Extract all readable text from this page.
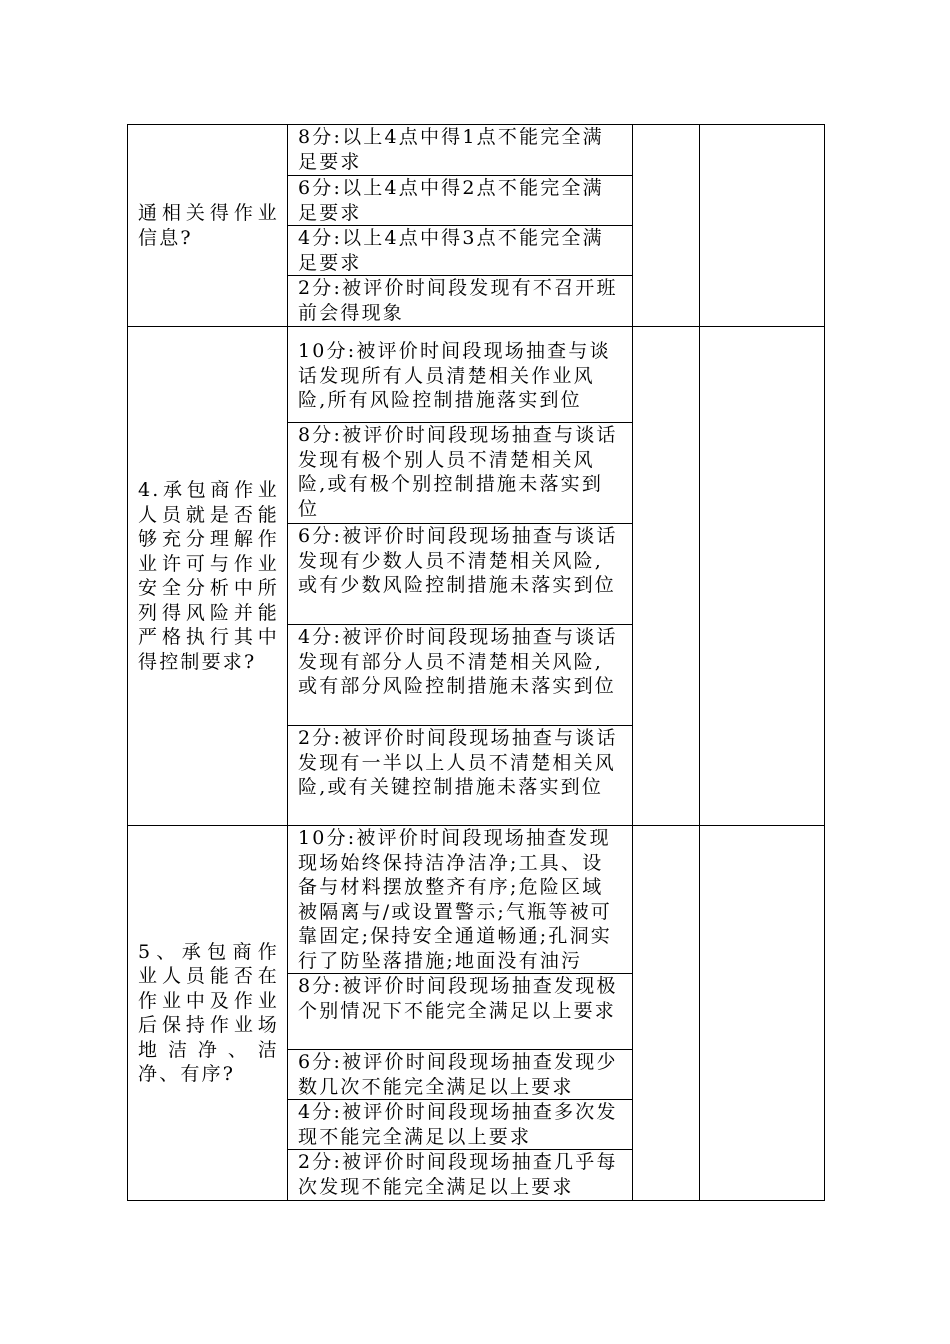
通相关得作业信息?	8分:以上4点中得1点不能完全满足要求		
	6分:以上4点中得2点不能完全满足要求		
	4分:以上4点中得3点不能完全满足要求		
	2分:被评价时间段发现有不召开班前会得现象		
4.承包商作业人员就是否能够充分理解作业许可与作业安全分析中所列得风险并能严格执行其中得控制要求?	10分:被评价时间段现场抽查与谈话发现所有人员清楚相关作业风险,所有风险控制措施落实到位		
	8分:被评价时间段现场抽查与谈话发现有极个别人员不清楚相关风险,或有极个别控制措施未落实到位		
	6分:被评价时间段现场抽查与谈话发现有少数人员不清楚相关风险,或有少数风险控制措施未落实到位		
	4分:被评价时间段现场抽查与谈话发现有部分人员不清楚相关风险,或有部分风险控制措施未落实到位		
	2分:被评价时间段现场抽查与谈话发现有一半以上人员不清楚相关风险,或有关键控制措施未落实到位		
5、承包商作业人员能否在作业中及作业后保持作业场地洁净、洁净、有序?	10分:被评价时间段现场抽查发现现场始终保持洁净洁净;工具、设备与材料摆放整齐有序;危险区域被隔离与/或设置警示;气瓶等被可靠固定;保持安全通道畅通;孔洞实行了防坠落措施;地面没有油污		
	8分:被评价时间段现场抽查发现极个别情况下不能完全满足以上要求		
	6分:被评价时间段现场抽查发现少数几次不能完全满足以上要求		
	4分:被评价时间段现场抽查多次发现不能完全满足以上要求		
	2分:被评价时间段现场抽查几乎每次发现不能完全满足以上要求		
